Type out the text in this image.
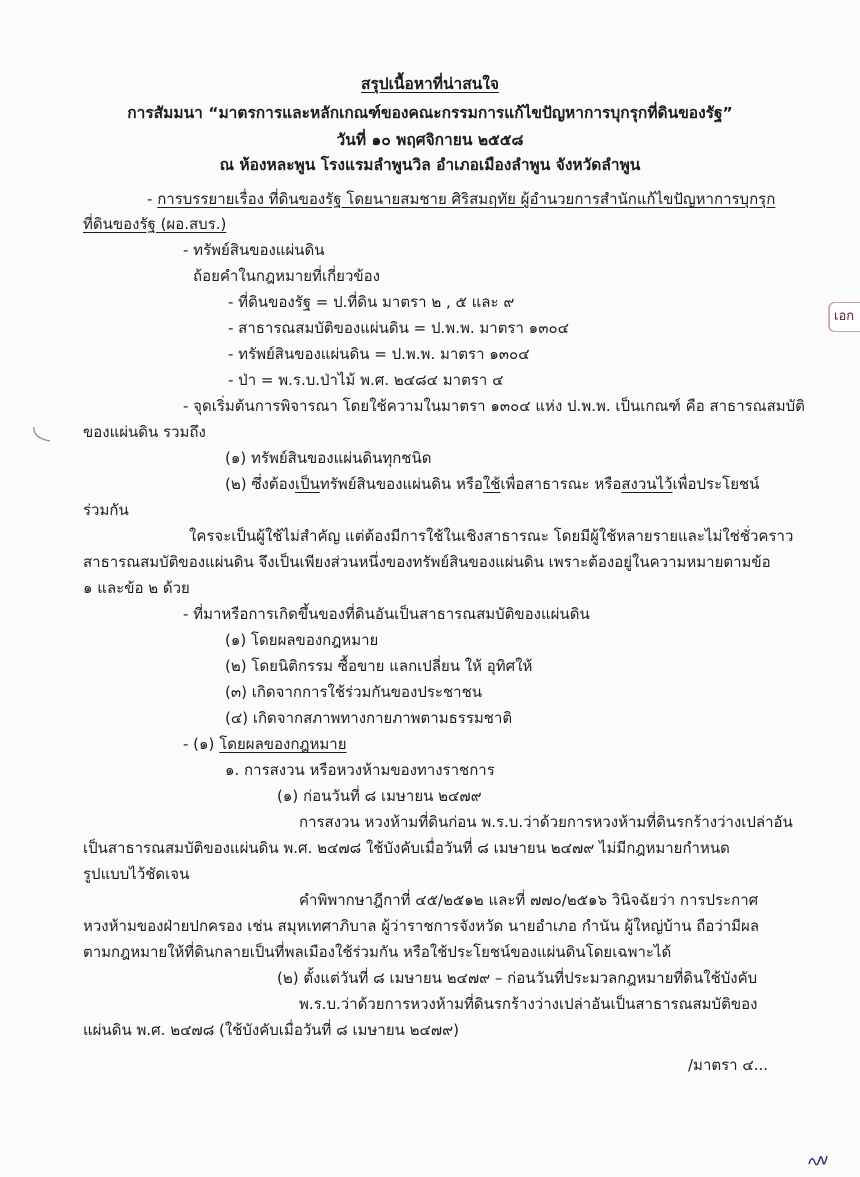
สรุปเนื้อหาที่น่าสนใจ
การสัมมนา “มาตรการและหลักเกณฑ์ของคณะกรรมการแก้ไขปัญหาการบุกรุกที่ดินของรัฐ”
วันที่ ๑๐ พฤศจิกายน ๒๕๕๘
ณ ห้องหละพูน โรงแรมลำพูนวิล อำเภอเมืองลำพูน จังหวัดลำพูน
- การบรรยายเรื่อง ที่ดินของรัฐ โดยนายสมชาย ศิริสมฤทัย ผู้อำนวยการสำนักแก้ไขปัญหาการบุกรุก
ที่ดินของรัฐ (ผอ.สบร.)
- ทรัพย์สินของแผ่นดิน
ถ้อยคำในกฎหมายที่เกี่ยวข้อง
- ที่ดินของรัฐ = ป.ที่ดิน มาตรา ๒ , ๕ และ ๙
- สาธารณสมบัติของแผ่นดิน = ป.พ.พ. มาตรา ๑๓๐๔
- ทรัพย์สินของแผ่นดิน = ป.พ.พ. มาตรา ๑๓๐๔
- ป่า = พ.ร.บ.ป่าไม้ พ.ศ. ๒๔๘๔ มาตรา ๔
- จุดเริ่มต้นการพิจารณา โดยใช้ความในมาตรา ๑๓๐๔ แห่ง ป.พ.พ. เป็นเกณฑ์ คือ สาธารณสมบัติ
ของแผ่นดิน รวมถึง
(๑) ทรัพย์สินของแผ่นดินทุกชนิด
(๒) ซึ่งต้องเป็นทรัพย์สินของแผ่นดิน หรือใช้เพื่อสาธารณะ หรือสงวนไว้เพื่อประโยชน์
ร่วมกัน
ใครจะเป็นผู้ใช้ไม่สำคัญ แต่ต้องมีการใช้ในเชิงสาธารณะ โดยมีผู้ใช้หลายรายและไม่ใช่ชั่วคราว
สาธารณสมบัติของแผ่นดิน จึงเป็นเพียงส่วนหนึ่งของทรัพย์สินของแผ่นดิน เพราะต้องอยู่ในความหมายตามข้อ
๑ และข้อ ๒ ด้วย
- ที่มาหรือการเกิดขึ้นของที่ดินอันเป็นสาธารณสมบัติของแผ่นดิน
(๑) โดยผลของกฎหมาย
(๒) โดยนิติกรรม ซื้อขาย แลกเปลี่ยน ให้ อุทิศให้
(๓) เกิดจากการใช้ร่วมกันของประชาชน
(๔) เกิดจากสภาพทางกายภาพตามธรรมชาติ
- (๑) โดยผลของกฎหมาย
๑. การสงวน หรือหวงห้ามของทางราชการ
(๑) ก่อนวันที่ ๘ เมษายน ๒๔๗๙
การสงวน หวงห้ามที่ดินก่อน พ.ร.บ.ว่าด้วยการหวงห้ามที่ดินรกร้างว่างเปล่าอัน
เป็นสาธารณสมบัติของแผ่นดิน พ.ศ. ๒๔๗๘ ใช้บังคับเมื่อวันที่ ๘ เมษายน ๒๔๗๙ ไม่มีกฎหมายกำหนด
รูปแบบไว้ชัดเจน
คำพิพากษาฎีกาที่ ๔๕/๒๕๑๒ และที่ ๗๗๐/๒๕๑๖ วินิจฉัยว่า การประกาศ
หวงห้ามของฝ่ายปกครอง เช่น สมุหเทศาภิบาล ผู้ว่าราชการจังหวัด นายอำเภอ กำนัน ผู้ใหญ่บ้าน ถือว่ามีผล
ตามกฎหมายให้ที่ดินกลายเป็นที่พลเมืองใช้ร่วมกัน หรือใช้ประโยชน์ของแผ่นดินโดยเฉพาะได้
(๒) ตั้งแต่วันที่ ๘ เมษายน ๒๔๗๙ – ก่อนวันที่ประมวลกฎหมายที่ดินใช้บังคับ
พ.ร.บ.ว่าด้วยการหวงห้ามที่ดินรกร้างว่างเปล่าอันเป็นสาธารณสมบัติของ
แผ่นดิน พ.ศ. ๒๔๗๘ (ใช้บังคับเมื่อวันที่ ๘ เมษายน ๒๔๗๙)
/มาตรา ๔...
เอก
